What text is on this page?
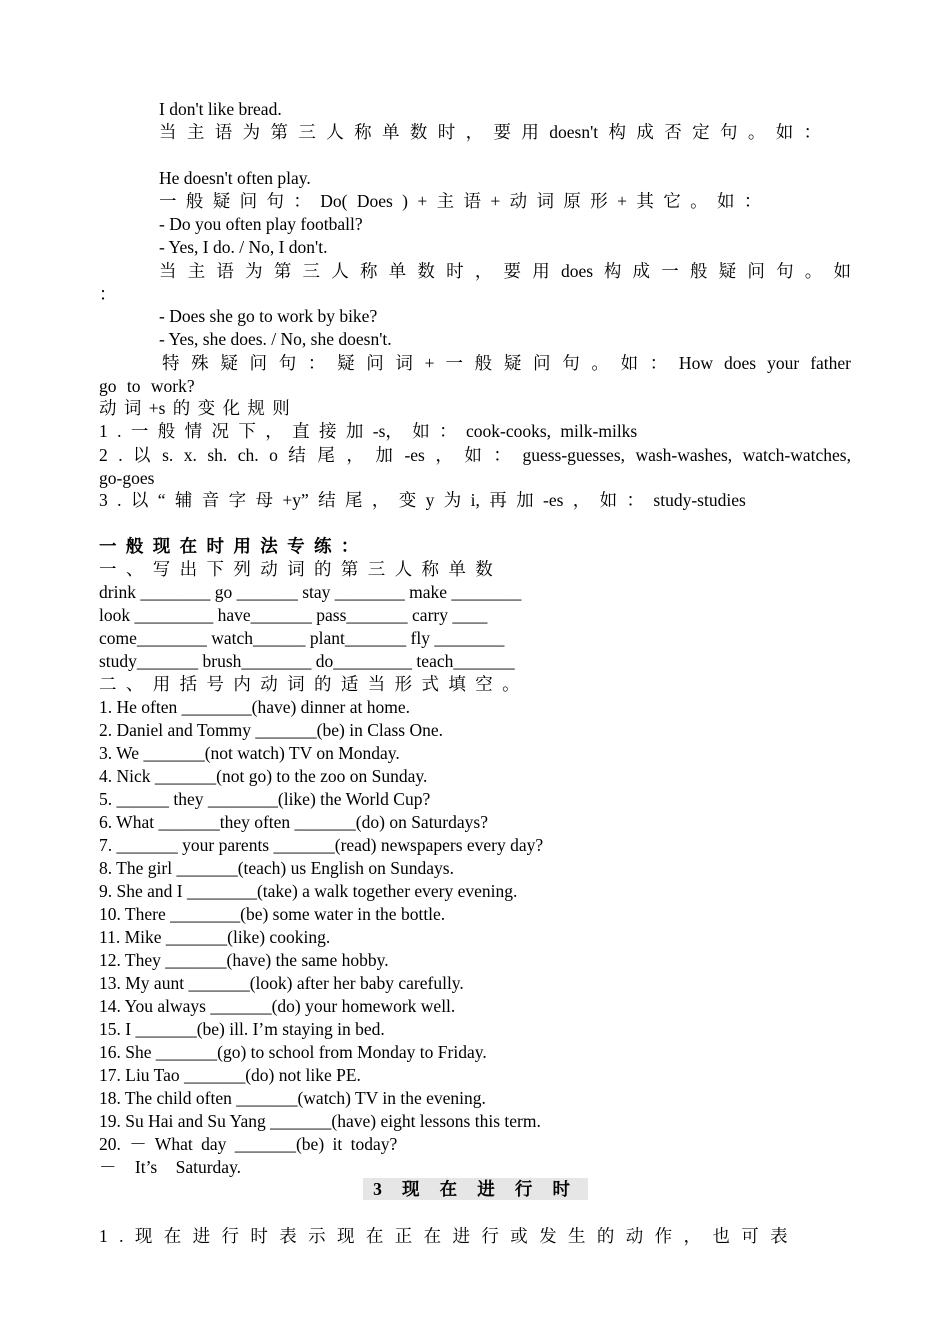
I don't like bread.
当 主 语 为 第 三 人 称 单 数 时 ， 要 用 doesn't 构 成 否 定 句 。 如 ：
He doesn't often play.
一 般 疑 问 句 ： Do( Does ) + 主 语 + 动 词 原 形 + 其 它 。 如 ：
- Do you often play football?
- Yes, I do. / No, I don't.
当 主 语 为 第 三 人 称 单 数 时 ， 要 用 does 构 成 一 般 疑 问 句 。 如 ：
- Does she go to work by bike?
- Yes, she does. / No, she doesn't.
特 殊 疑 问 句 ： 疑 问 词 + 一 般 疑 问 句 。 如 ： How does your father go to work?
动 词 +s 的 变 化 规 则
1 . 一 般 情 况 下 ， 直 接 加 -s， 如 ： cook-cooks, milk-milks
2 . 以 s. x. sh. ch. o 结 尾 ， 加 -es ， 如 ： guess-guesses, wash-washes, watch-watches, go-goes
3 . 以 “ 辅 音 字 母 +y” 结 尾 ， 变 y 为 i, 再 加 -es ， 如 ： study-studies
一 般 现 在 时 用 法 专 练 ：
一 、 写 出 下 列 动 词 的 第 三 人 称 单 数
drink ________ go _______ stay ________ make ________
look _________ have_______ pass_______ carry ____
come________ watch______ plant_______ fly ________
study_______ brush________ do_________ teach_______
二 、 用 括 号 内 动 词 的 适 当 形 式 填 空 。
1. He often ________(have) dinner at home.
2. Daniel and Tommy _______(be) in Class One.
3. We _______(not watch) TV on Monday.
4. Nick _______(not go) to the zoo on Sunday.
5. ______ they ________(like) the World Cup?
6. What _______they often _______(do) on Saturdays?
7. _______ your parents _______(read) newspapers every day?
8. The girl _______(teach) us English on Sundays.
9. She and I ________(take) a walk together every evening.
10. There ________(be) some water in the bottle.
11. Mike _______(like) cooking.
12. They _______(have) the same hobby.
13. My aunt _______(look) after her baby carefully.
14. You always _______(do) your homework well.
15. I _______(be) ill. I’m staying in bed.
16. She _______(go) to school from Monday to Friday.
17. Liu Tao _______(do) not like PE.
18. The child often _______(watch) TV in the evening.
19. Su Hai and Su Yang _______(have) eight lessons this term.
20. － What day _______(be) it today?
－ It’s Saturday.
3 现 在 进 行 时
1 . 现 在 进 行 时 表 示 现 在 正 在 进 行 或 发 生 的 动 作 ， 也 可 表
